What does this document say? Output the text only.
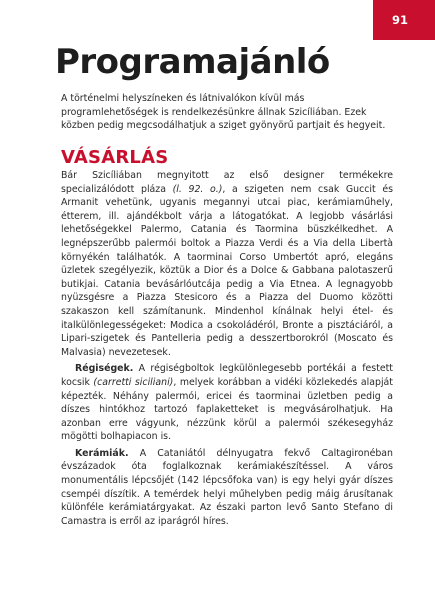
91
Programajánló

A történelmi helyszíneken és látnivalókon kívül más programlehetőségek is rendelkezésünkre állnak Szicíliában. Ezek közben pedig megcsodálhatjuk a sziget gyönyörű partjait és hegyeit.

VÁSÁRLÁS

Bár Szicíliában megnyitott az első designer termékekre specializálódott pláza (l. 92. o.), a szigeten nem csak Guccit és Armanit vehetünk, ugyanis megannyi utcai piac, kerámiaműhely, étterem, ill. ajándékbolt várja a látogatókat. A legjobb vásárlási lehetőségekkel Palermo, Catania és Taormina büszkélkedhet. A legnépszerűbb palermói boltok a Piazza Verdi és a Via della Libertà környékén találhatók. A taorminai Corso Umbertót apró, elegáns üzletek szegélyezik, köztük a Dior és a Dolce & Gabbana palotaszerű butikjai. Catania bevásárlóutcája pedig a Via Etnea. A legnagyobb nyüzsgésre a Piazza Stesicoro és a Piazza del Duomo közötti szakaszon kell számítanunk. Mindenhol kínálnak helyi étel- és italkülönlegességeket: Modica a csokoládéról, Bronte a pisztáciáról, a Lipari-szigetek és Pantelleria pedig a desszertborokról (Moscato és Malvasia) nevezetesek.

Régiségek. A régiségboltok legkülönlegesebb portékái a festett kocsik (carretti siciliani), melyek korábban a vidéki közlekedés alapját képezték. Néhány palermói, ericei és taorminai üzletben pedig a díszes hintókhoz tartozó faplaketteket is megvásárolhatjuk. Ha azonban erre vágyunk, nézzünk körül a palermói székesegyház mögötti bolhapiacon is.

Kerámiák. A Cataniától délnyugatra fekvő Caltagironéban évszázadok óta foglalkoznak kerámiakészítéssel. A város monumentális lépcsőjét (142 lépcsőfoka van) is egy helyi gyár díszes csempéi díszítik. A temérdek helyi műhelyben pedig máig árusítanak különféle kerámiatárgyakat. Az északi parton levő Santo Stefano di Camastra is erről az iparágról híres.
